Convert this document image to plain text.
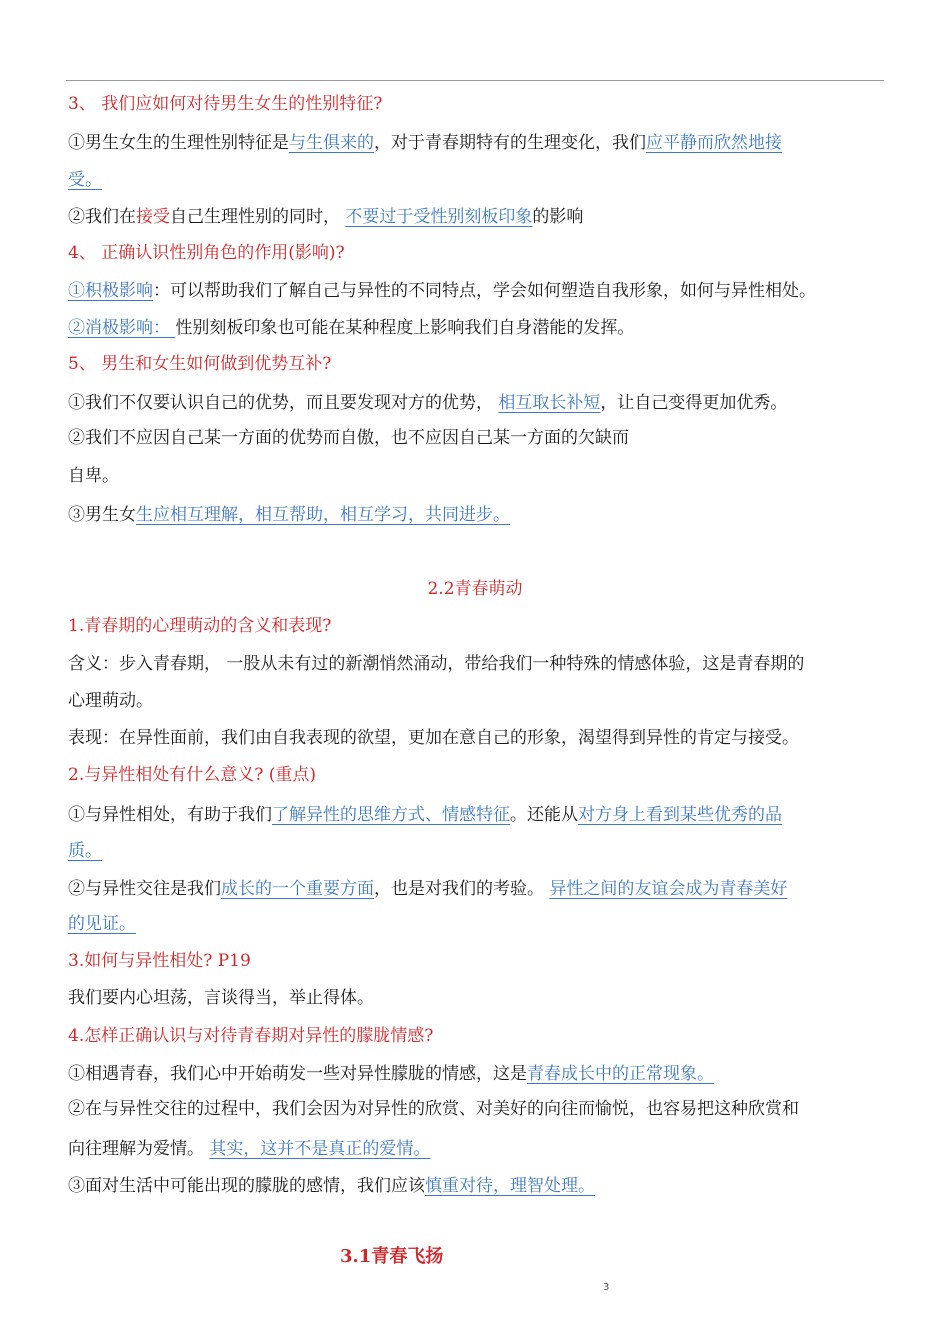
3、 我们应如何对待男生女生的性别特征?
①男生女生的生理性别特征是与生俱来的，对于青春期特有的生理变化，我们应平静而欣然地接
受。
②我们在接受自己生理性别的同时， 不要过于受性别刻板印象的影响
4、 正确认识性别角色的作用(影响)?
①积极影响：可以帮助我们了解自己与异性的不同特点，学会如何塑造自我形象，如何与异性相处。
②消极影响： 性别刻板印象也可能在某种程度上影响我们自身潜能的发挥。
5、 男生和女生如何做到优势互补?
①我们不仅要认识自己的优势，而且要发现对方的优势， 相互取长补短，让自己变得更加优秀。
②我们不应因自己某一方面的优势而自傲，也不应因自己某一方面的欠缺而
自卑。
③男生女生应相互理解，相互帮助，相互学习，共同进步。
2.2青春萌动
1.青春期的心理萌动的含义和表现?
含义：步入青春期， 一股从未有过的新潮悄然涌动，带给我们一种特殊的情感体验，这是青春期的
心理萌动。
表现：在异性面前，我们由自我表现的欲望，更加在意自己的形象，渴望得到异性的肯定与接受。
2.与异性相处有什么意义? (重点)
①与异性相处，有助于我们了解异性的思维方式、情感特征。还能从对方身上看到某些优秀的品
质。
②与异性交往是我们成长的一个重要方面，也是对我们的考验。 异性之间的友谊会成为青春美好
的见证。
3.如何与异性相处? P19
我们要内心坦荡，言谈得当，举止得体。
4.怎样正确认识与对待青春期对异性的朦胧情感?
①相遇青春，我们心中开始萌发一些对异性朦胧的情感，这是青春成长中的正常现象。
②在与异性交往的过程中，我们会因为对异性的欣赏、对美好的向往而愉悦，也容易把这种欣赏和
向往理解为爱情。 其实，这并不是真正的爱情。
③面对生活中可能出现的朦胧的感情，我们应该慎重对待，理智处理。
3.1青春飞扬
3
